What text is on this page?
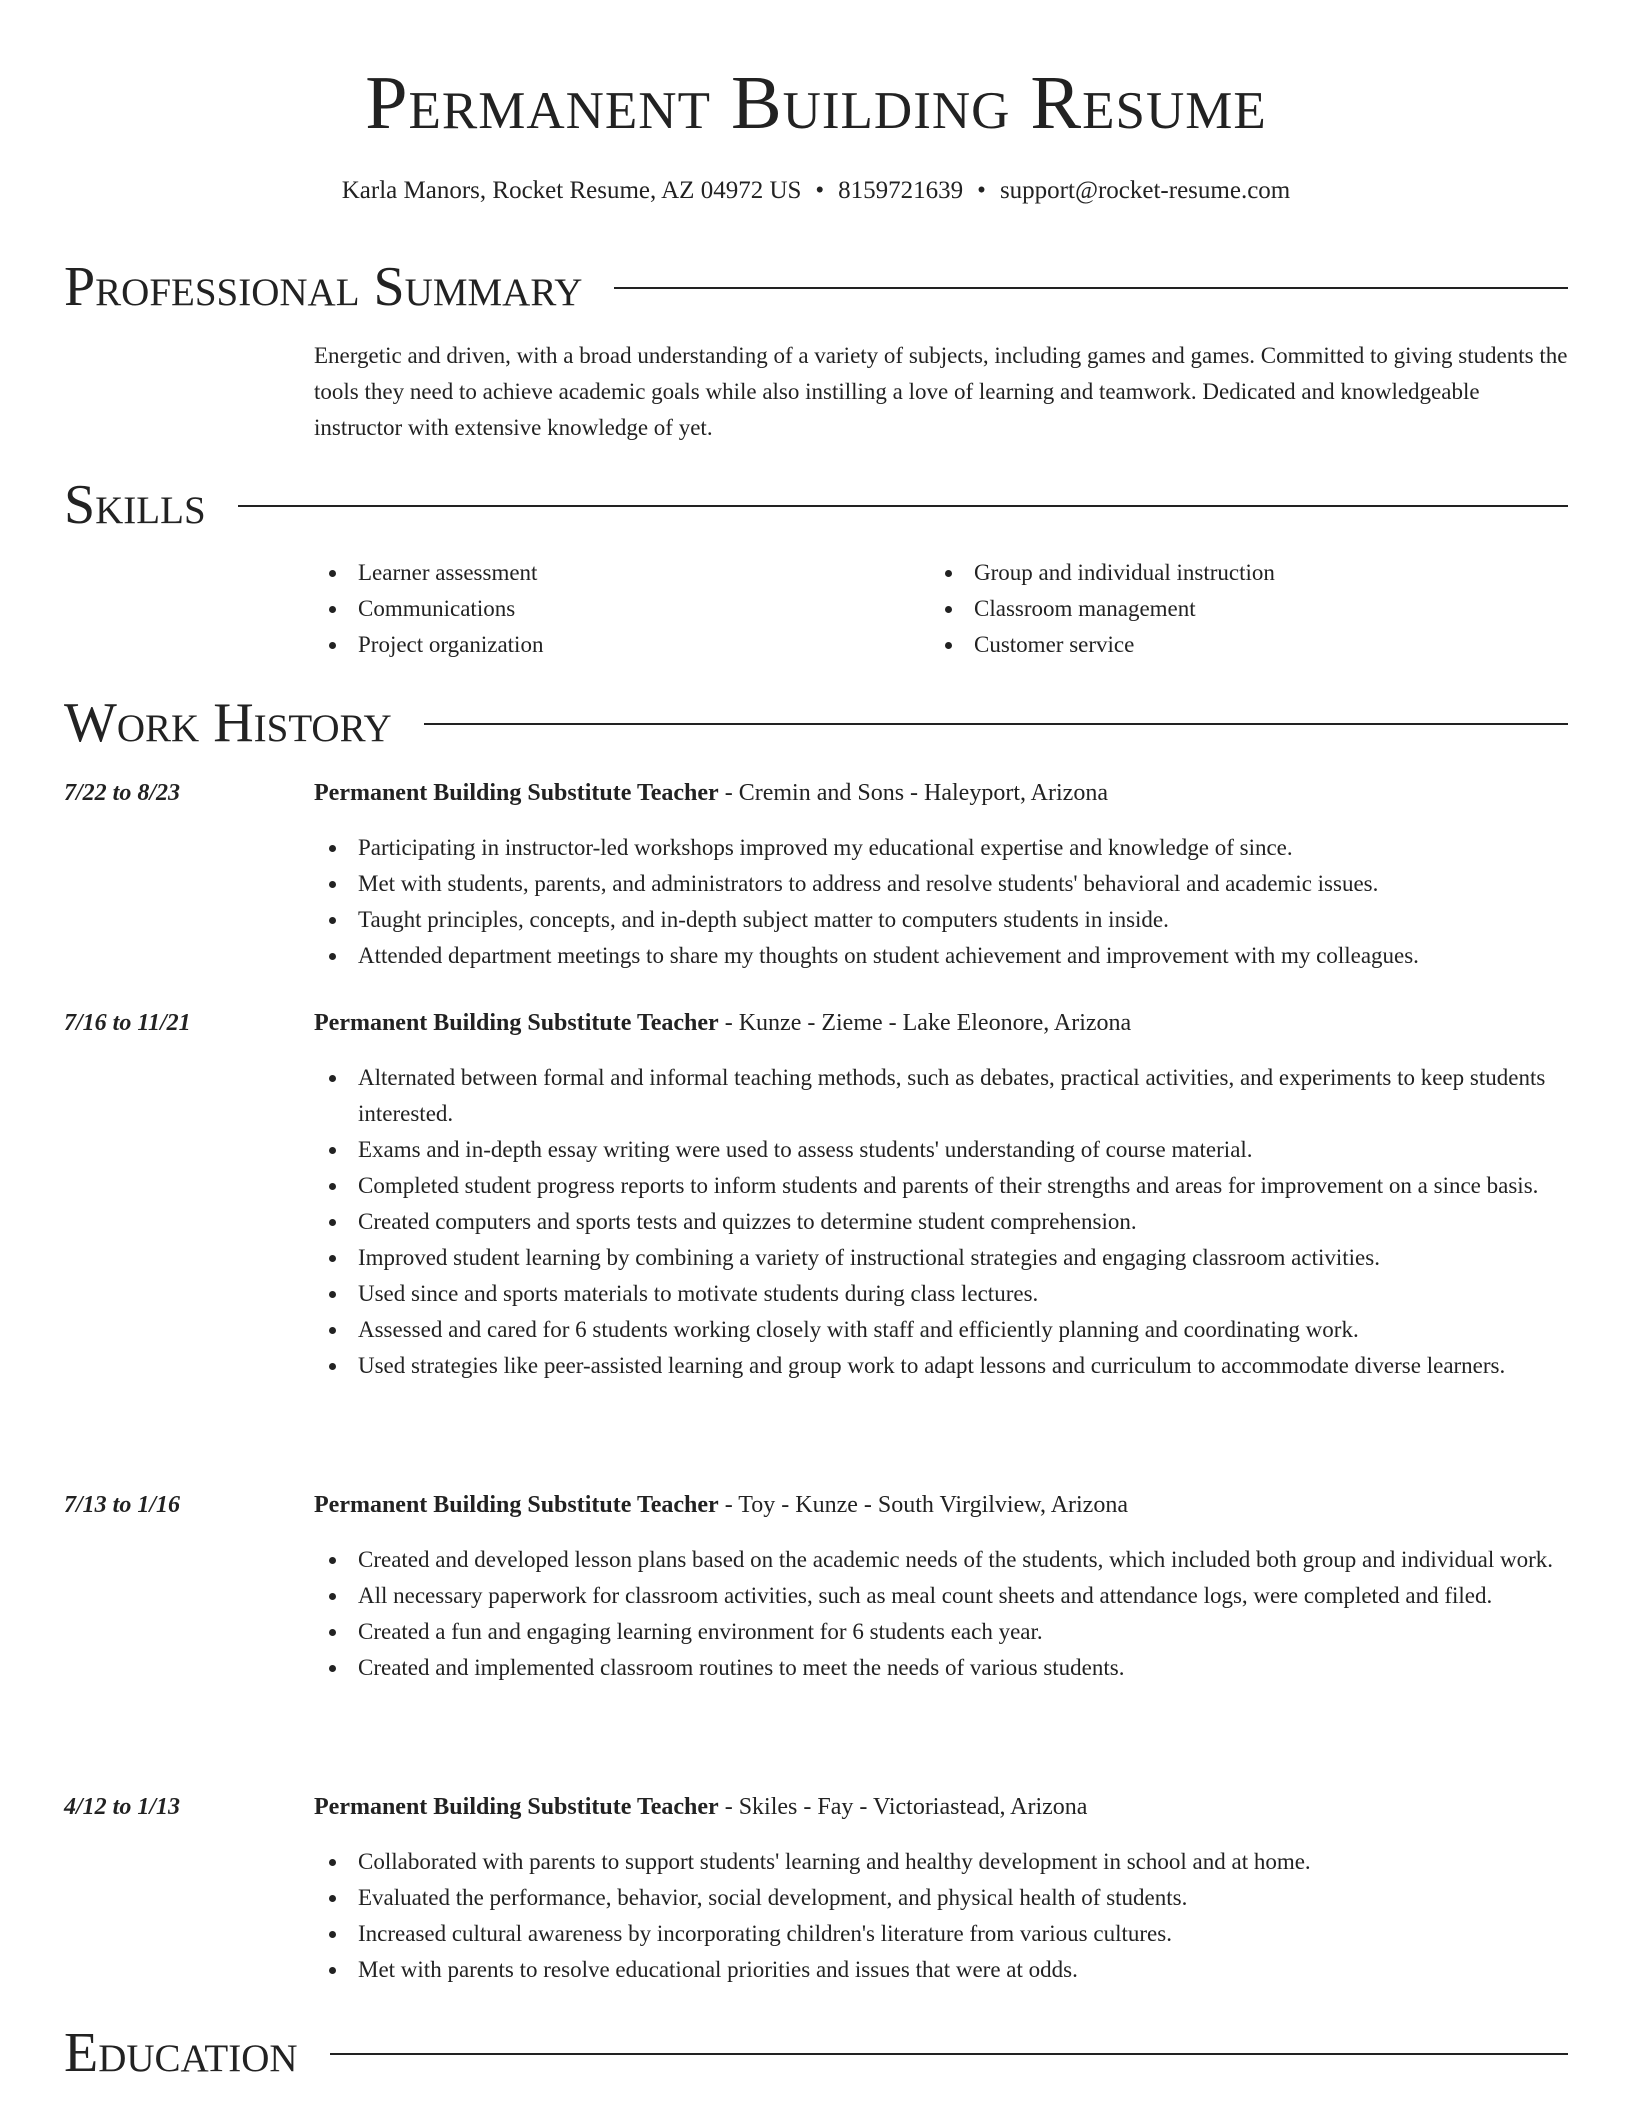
Permanent Building Resume
Karla Manors, Rocket Resume, AZ 04972 US • 8159721639 • support@rocket-resume.com
Professional Summary
Energetic and driven, with a broad understanding of a variety of subjects, including games and games. Committed to giving students the tools they need to achieve academic goals while also instilling a love of learning and teamwork. Dedicated and knowledgeable instructor with extensive knowledge of yet.
Skills
Learner assessment
Communications
Project organization
Group and individual instruction
Classroom management
Customer service
Work History
7/22 to 8/23	Permanent Building Substitute Teacher - Cremin and Sons - Haleyport, Arizona
Participating in instructor-led workshops improved my educational expertise and knowledge of since.
Met with students, parents, and administrators to address and resolve students' behavioral and academic issues.
Taught principles, concepts, and in-depth subject matter to computers students in inside.
Attended department meetings to share my thoughts on student achievement and improvement with my colleagues.
7/16 to 11/21	Permanent Building Substitute Teacher - Kunze - Zieme - Lake Eleonore, Arizona
Alternated between formal and informal teaching methods, such as debates, practical activities, and experiments to keep students interested.
Exams and in-depth essay writing were used to assess students' understanding of course material.
Completed student progress reports to inform students and parents of their strengths and areas for improvement on a since basis.
Created computers and sports tests and quizzes to determine student comprehension.
Improved student learning by combining a variety of instructional strategies and engaging classroom activities.
Used since and sports materials to motivate students during class lectures.
Assessed and cared for 6 students working closely with staff and efficiently planning and coordinating work.
Used strategies like peer-assisted learning and group work to adapt lessons and curriculum to accommodate diverse learners.
7/13 to 1/16	Permanent Building Substitute Teacher - Toy - Kunze - South Virgilview, Arizona
Created and developed lesson plans based on the academic needs of the students, which included both group and individual work.
All necessary paperwork for classroom activities, such as meal count sheets and attendance logs, were completed and filed.
Created a fun and engaging learning environment for 6 students each year.
Created and implemented classroom routines to meet the needs of various students.
4/12 to 1/13	Permanent Building Substitute Teacher - Skiles - Fay - Victoriastead, Arizona
Collaborated with parents to support students' learning and healthy development in school and at home.
Evaluated the performance, behavior, social development, and physical health of students.
Increased cultural awareness by incorporating children's literature from various cultures.
Met with parents to resolve educational priorities and issues that were at odds.
Education
